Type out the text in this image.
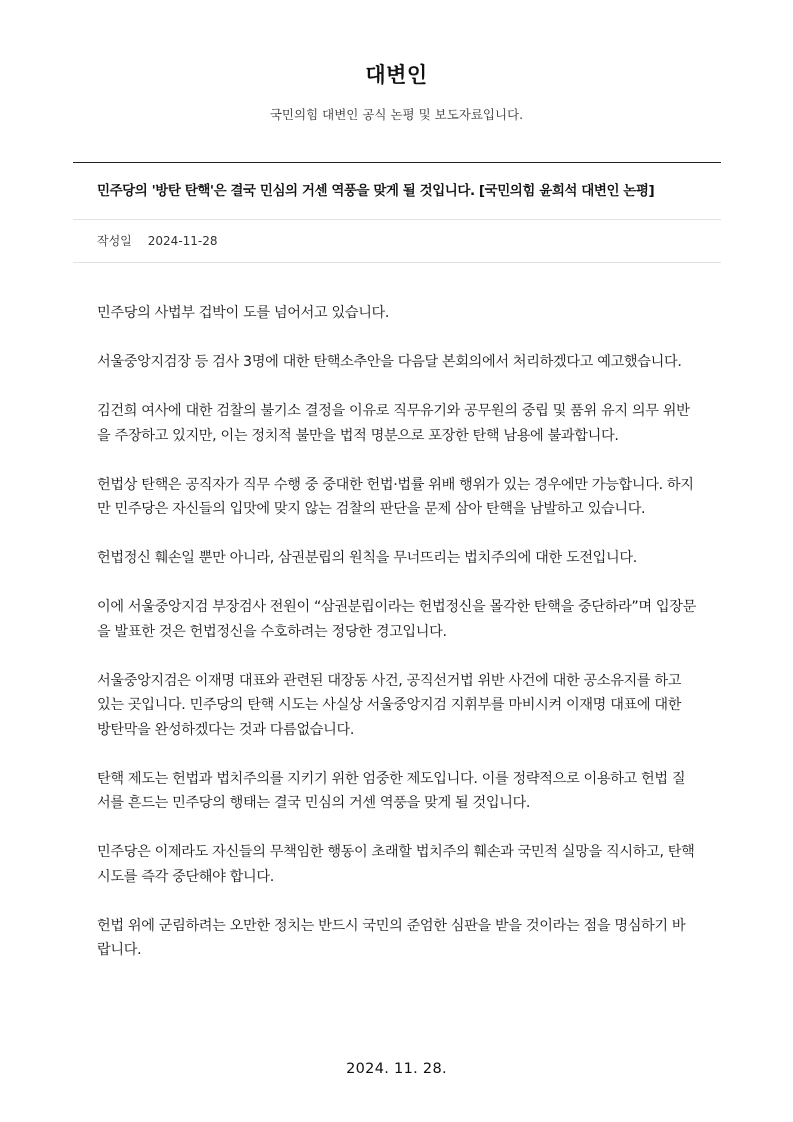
대변인
국민의힘 대변인 공식 논평 및 보도자료입니다.
민주당의 '방탄 탄핵'은 결국 민심의 거센 역풍을 맞게 될 것입니다. [국민의힘 윤희석 대변인 논평]
작성일 2024-11-28

민주당의 사법부 겁박이 도를 넘어서고 있습니다.

서울중앙지검장 등 검사 3명에 대한 탄핵소추안을 다음달 본회의에서 처리하겠다고 예고했습니다.

김건희 여사에 대한 검찰의 불기소 결정을 이유로 직무유기와 공무원의 중립 및 품위 유지 의무 위반을 주장하고 있지만, 이는 정치적 불만을 법적 명분으로 포장한 탄핵 남용에 불과합니다.

헌법상 탄핵은 공직자가 직무 수행 중 중대한 헌법·법률 위배 행위가 있는 경우에만 가능합니다. 하지만 민주당은 자신들의 입맛에 맞지 않는 검찰의 판단을 문제 삼아 탄핵을 남발하고 있습니다.

헌법정신 훼손일 뿐만 아니라, 삼권분립의 원칙을 무너뜨리는 법치주의에 대한 도전입니다.

이에 서울중앙지검 부장검사 전원이 “삼권분립이라는 헌법정신을 몰각한 탄핵을 중단하라”며 입장문을 발표한 것은 헌법정신을 수호하려는 정당한 경고입니다.

서울중앙지검은 이재명 대표와 관련된 대장동 사건, 공직선거법 위반 사건에 대한 공소유지를 하고 있는 곳입니다. 민주당의 탄핵 시도는 사실상 서울중앙지검 지휘부를 마비시켜 이재명 대표에 대한 방탄막을 완성하겠다는 것과 다름없습니다.

탄핵 제도는 헌법과 법치주의를 지키기 위한 엄중한 제도입니다. 이를 정략적으로 이용하고 헌법 질서를 흔드는 민주당의 행태는 결국 민심의 거센 역풍을 맞게 될 것입니다.

민주당은 이제라도 자신들의 무책임한 행동이 초래할 법치주의 훼손과 국민적 실망을 직시하고, 탄핵 시도를 즉각 중단해야 합니다.

헌법 위에 군림하려는 오만한 정치는 반드시 국민의 준엄한 심판을 받을 것이라는 점을 명심하기 바랍니다.

2024. 11. 28.
